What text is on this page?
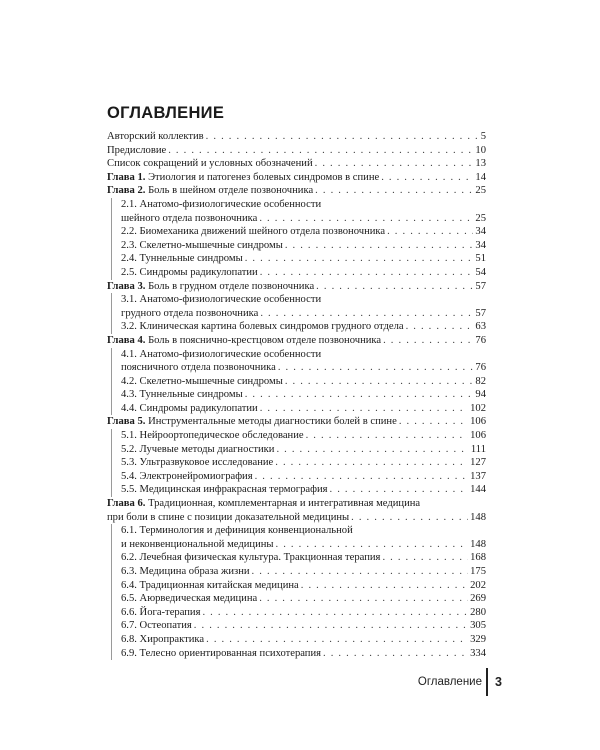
ОГЛАВЛЕНИЕ
Авторский коллектив . . .	5
Предисловие . . .	10
Список сокращений и условных обозначений . . .	13
Глава 1. Этиология и патогенез болевых синдромов в спине . . .	14
Глава 2. Боль в шейном отделе позвоночника . . .	25
2.1. Анатомо-физиологические особенности
шейного отдела позвоночника . . .	25
2.2. Биомеханика движений шейного отдела позвоночника . . .	34
2.3. Скелетно-мышечные синдромы . . .	34
2.4. Туннельные синдромы . . .	51
2.5. Синдромы радикулопатии . . .	54
Глава 3. Боль в грудном отделе позвоночника . . .	57
3.1. Анатомо-физиологические особенности
грудного отдела позвоночника . . .	57
3.2. Клиническая картина болевых синдромов грудного отдела . . .	63
Глава 4. Боль в пояснично-крестцовом отделе позвоночника . . .	76
4.1. Анатомо-физиологические особенности
поясничного отдела позвоночника . . .	76
4.2. Скелетно-мышечные синдромы . . .	82
4.3. Туннельные синдромы . . .	94
4.4. Синдромы радикулопатии . . .	102
Глава 5. Инструментальные методы диагностики болей в спине . . .	106
5.1. Нейроортопедическое обследование . . .	106
5.2. Лучевые методы диагностики . . .	111
5.3. Ультразвуковое исследование . . .	127
5.4. Электронейромиография . . .	137
5.5. Медицинская инфракрасная термография . . .	144
Глава 6. Традиционная, комплементарная и интегративная медицина
при боли в спине с позиции доказательной медицины . . .	148
6.1. Терминология и дефиниция конвенциональной
и неконвенциональной медицины . . .	148
6.2. Лечебная физическая культура. Тракционная терапия . . .	168
6.3. Медицина образа жизни . . .	175
6.4. Традиционная китайская медицина . . .	202
6.5. Аюрведическая медицина . . .	269
6.6. Йога-терапия . . .	280
6.7. Остеопатия . . .	305
6.8. Хиропрактика . . .	329
6.9. Телесно ориентированная психотерапия . . .	334
Оглавление 3
